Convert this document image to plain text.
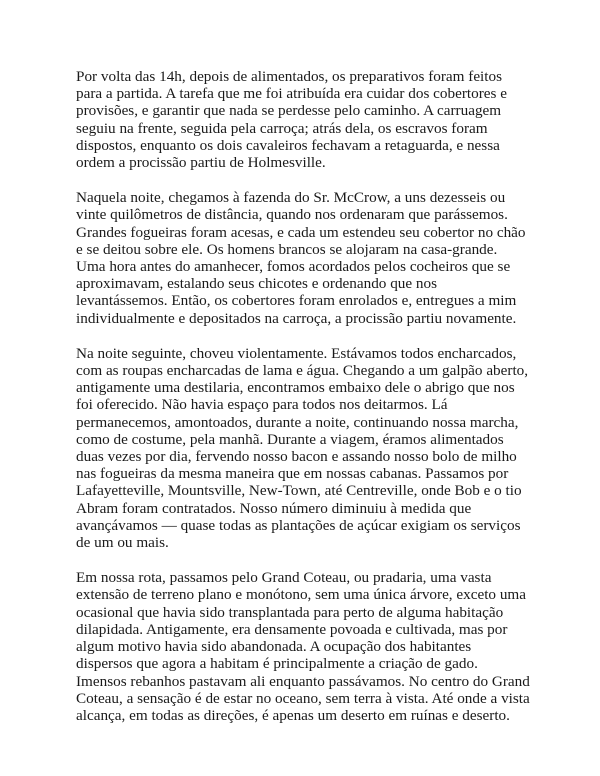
Por volta das 14h, depois de alimentados, os preparativos foram feitos para a partida. A tarefa que me foi atribuída era cuidar dos cobertores e provisões, e garantir que nada se perdesse pelo caminho. A carruagem seguiu na frente, seguida pela carroça; atrás dela, os escravos foram dispostos, enquanto os dois cavaleiros fechavam a retaguarda, e nessa ordem a procissão partiu de Holmesville.

Naquela noite, chegamos à fazenda do Sr. McCrow, a uns dezesseis ou vinte quilômetros de distância, quando nos ordenaram que parássemos. Grandes fogueiras foram acesas, e cada um estendeu seu cobertor no chão e se deitou sobre ele. Os homens brancos se alojaram na casa-grande. Uma hora antes do amanhecer, fomos acordados pelos cocheiros que se aproximavam, estalando seus chicotes e ordenando que nos levantássemos. Então, os cobertores foram enrolados e, entregues a mim individualmente e depositados na carroça, a procissão partiu novamente.

Na noite seguinte, choveu violentamente. Estávamos todos encharcados, com as roupas encharcadas de lama e água. Chegando a um galpão aberto, antigamente uma destilaria, encontramos embaixo dele o abrigo que nos foi oferecido. Não havia espaço para todos nos deitarmos. Lá permanecemos, amontoados, durante a noite, continuando nossa marcha, como de costume, pela manhã. Durante a viagem, éramos alimentados duas vezes por dia, fervendo nosso bacon e assando nosso bolo de milho nas fogueiras da mesma maneira que em nossas cabanas. Passamos por Lafayetteville, Mountsville, New-Town, até Centreville, onde Bob e o tio Abram foram contratados. Nosso número diminuiu à medida que avançávamos — quase todas as plantações de açúcar exigiam os serviços de um ou mais.

Em nossa rota, passamos pelo Grand Coteau, ou pradaria, uma vasta extensão de terreno plano e monótono, sem uma única árvore, exceto uma ocasional que havia sido transplantada para perto de alguma habitação dilapidada. Antigamente, era densamente povoada e cultivada, mas por algum motivo havia sido abandonada. A ocupação dos habitantes dispersos que agora a habitam é principalmente a criação de gado. Imensos rebanhos pastavam ali enquanto passávamos. No centro do Grand Coteau, a sensação é de estar no oceano, sem terra à vista. Até onde a vista alcança, em todas as direções, é apenas um deserto em ruínas e deserto.
